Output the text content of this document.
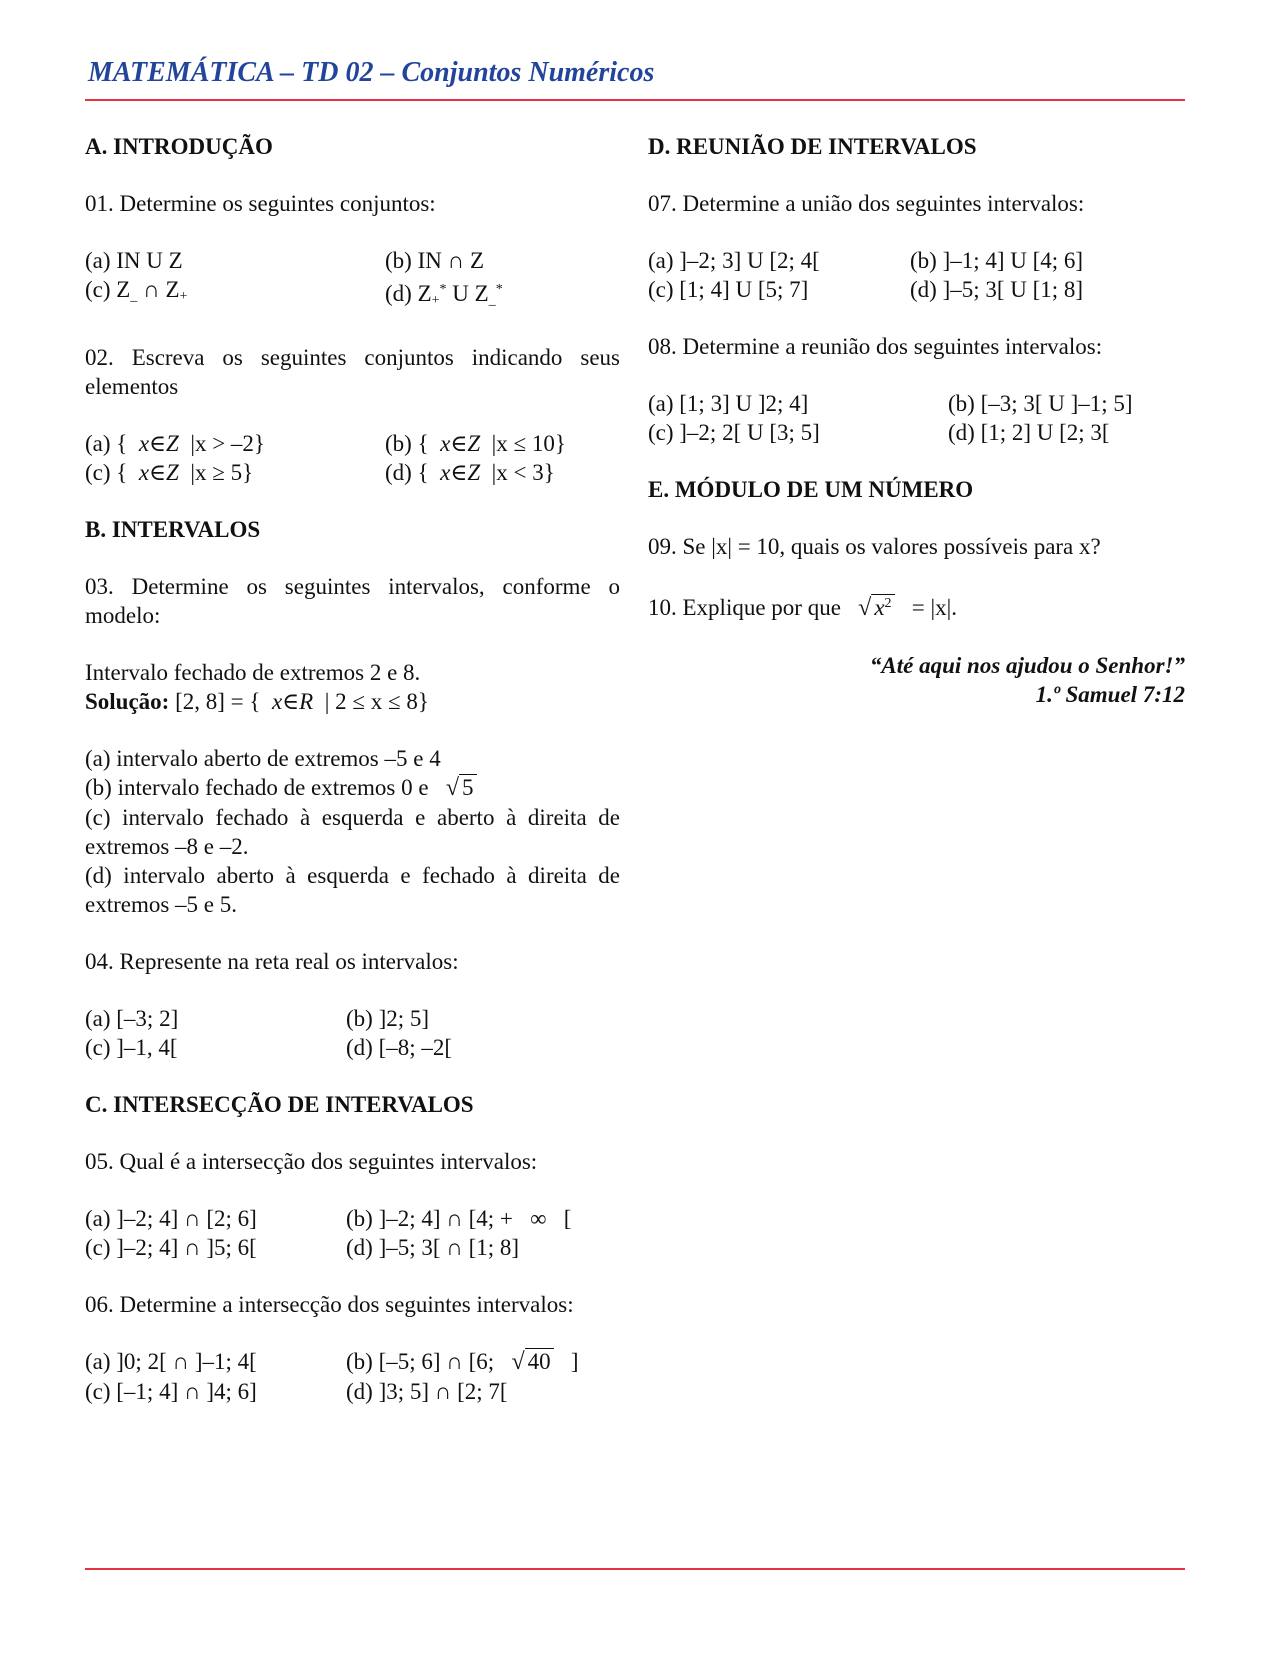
MATEMÁTICA – TD 02 – Conjuntos Numéricos
A. INTRODUÇÃO
01. Determine os seguintes conjuntos:
(a) IN U Z	(b) IN ∩ Z
(c) $Z_{\_}$ ∩ $Z_+$	(d) $Z_+^*$ U $Z_{\_}^*$
02. Escreva os seguintes conjuntos indicando seus elementos
(a) {  x∈Z  |x > –2}	(b) {  x∈Z  |x ≤ 10}
(c) {  x∈Z  |x ≥ 5}	(d) {  x∈Z  |x < 3}
B. INTERVALOS
03. Determine os seguintes intervalos, conforme o modelo:
Intervalo fechado de extremos 2 e 8.
Solução: [2, 8] = {  x∈R  | 2 ≤ x ≤ 8}
(a) intervalo aberto de extremos –5 e 4
(b) intervalo fechado de extremos 0 e √ 5
(c) intervalo fechado à esquerda e aberto à direita de extremos –8 e –2.
(d) intervalo aberto à esquerda e fechado à direita de extremos –5 e 5.
04. Represente na reta real os intervalos:
(a) [–3; 2]	(b) ]2; 5]
(c) ]–1, 4[	(d) [–8; –2[
C. INTERSECÇÃO DE INTERVALOS
05. Qual é a intersecção dos seguintes intervalos:
(a) ]–2; 4] ∩ [2; 6]	(b) ]–2; 4] ∩ [4; +   ∞   [
(c) ]–2; 4] ∩ ]5; 6[	(d) ]–5; 3[ ∩ [1; 8]
06. Determine a intersecção dos seguintes intervalos:
(a) ]0; 2[ ∩ ]–1; 4[	(b) [–5; 6] ∩ [6; √ 40   ]
(c) [–1; 4] ∩ ]4; 6]	(d) ]3; 5] ∩ [2; 7[
D. REUNIÃO DE INTERVALOS
07. Determine a união dos seguintes intervalos:
(a) ]–2; 3] U [2; 4[	(b) ]–1; 4] U [4; 6]
(c) [1; 4] U [5; 7]	(d) ]–5; 3[ U [1; 8]
08. Determine a reunião dos seguintes intervalos:
(a) [1; 3] U ]2; 4]	(b) [–3; 3[ U ]–1; 5]
(c) ]–2; 2[ U [3; 5]	(d) [1; 2] U [2; 3[
E. MÓDULO DE UM NÚMERO
09. Se |x| = 10, quais os valores possíveis para x?
10. Explique por que √ $x^2 = |x|$.
“Até aqui nos ajudou o Senhor!”
1.º Samuel 7:12
